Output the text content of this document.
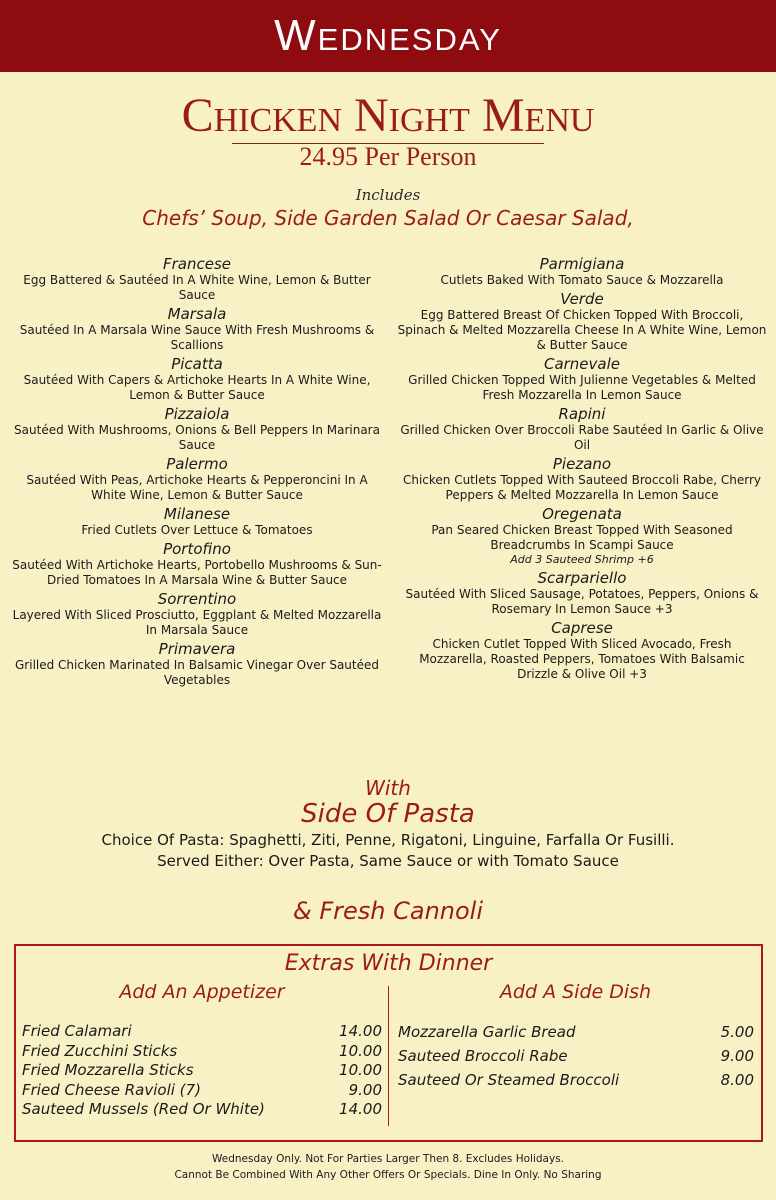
Wednesday
Chicken Night Menu
24.95 Per Person
Includes
Chefs’ Soup, Side Garden Salad Or Caesar Salad,
Francese
Egg Battered & Sautéed In A White Wine, Lemon & Butter Sauce
Marsala
Sautéed In A Marsala Wine Sauce With Fresh Mushrooms & Scallions
Picatta
Sautéed With Capers & Artichoke Hearts In A White Wine, Lemon & Butter Sauce
Pizzaiola
Sautéed With Mushrooms, Onions & Bell Peppers In Marinara Sauce
Palermo
Sautéed With Peas, Artichoke Hearts & Pepperoncini In A White Wine, Lemon & Butter Sauce
Milanese
Fried Cutlets Over Lettuce & Tomatoes
Portofino
Sautéed With Artichoke Hearts, Portobello Mushrooms & Sun-Dried Tomatoes In A Marsala Wine & Butter Sauce
Sorrentino
Layered With Sliced Prosciutto, Eggplant & Melted Mozzarella In Marsala Sauce
Primavera
Grilled Chicken Marinated In Balsamic Vinegar Over Sautéed Vegetables
Parmigiana
Cutlets Baked With Tomato Sauce & Mozzarella
Verde
Egg Battered Breast Of Chicken Topped With Broccoli, Spinach & Melted Mozzarella Cheese In A White Wine, Lemon & Butter Sauce
Carnevale
Grilled Chicken Topped With Julienne Vegetables & Melted Fresh Mozzarella In Lemon Sauce
Rapini
Grilled Chicken Over Broccoli Rabe Sautéed In Garlic & Olive Oil
Piezano
Chicken Cutlets Topped With Sauteed Broccoli Rabe, Cherry Peppers & Melted Mozzarella In Lemon Sauce
Oregenata
Pan Seared Chicken Breast Topped With Seasoned Breadcrumbs In Scampi Sauce
Add 3 Sauteed Shrimp +6
Scarpariello
Sautéed With Sliced Sausage, Potatoes, Peppers, Onions & Rosemary In Lemon Sauce +3
Caprese
Chicken Cutlet Topped With Sliced Avocado, Fresh Mozzarella, Roasted Peppers, Tomatoes With Balsamic Drizzle & Olive Oil +3
With
Side Of Pasta
Choice Of Pasta: Spaghetti, Ziti, Penne, Rigatoni, Linguine, Farfalla Or Fusilli.
Served Either: Over Pasta, Same Sauce or with Tomato Sauce
& Fresh Cannoli
Extras With Dinner
Add An Appetizer	Add A Side Dish
Fried Calamari	14.00
Fried Zucchini Sticks	10.00
Fried Mozzarella Sticks	10.00
Fried Cheese Ravioli (7)	9.00
Sauteed Mussels (Red Or White)	14.00
Mozzarella Garlic Bread	5.00
Sauteed Broccoli Rabe	9.00
Sauteed Or Steamed Broccoli	8.00
Wednesday Only. Not For Parties Larger Then 8. Excludes Holidays.
Cannot Be Combined With Any Other Offers Or Specials. Dine In Only. No Sharing
